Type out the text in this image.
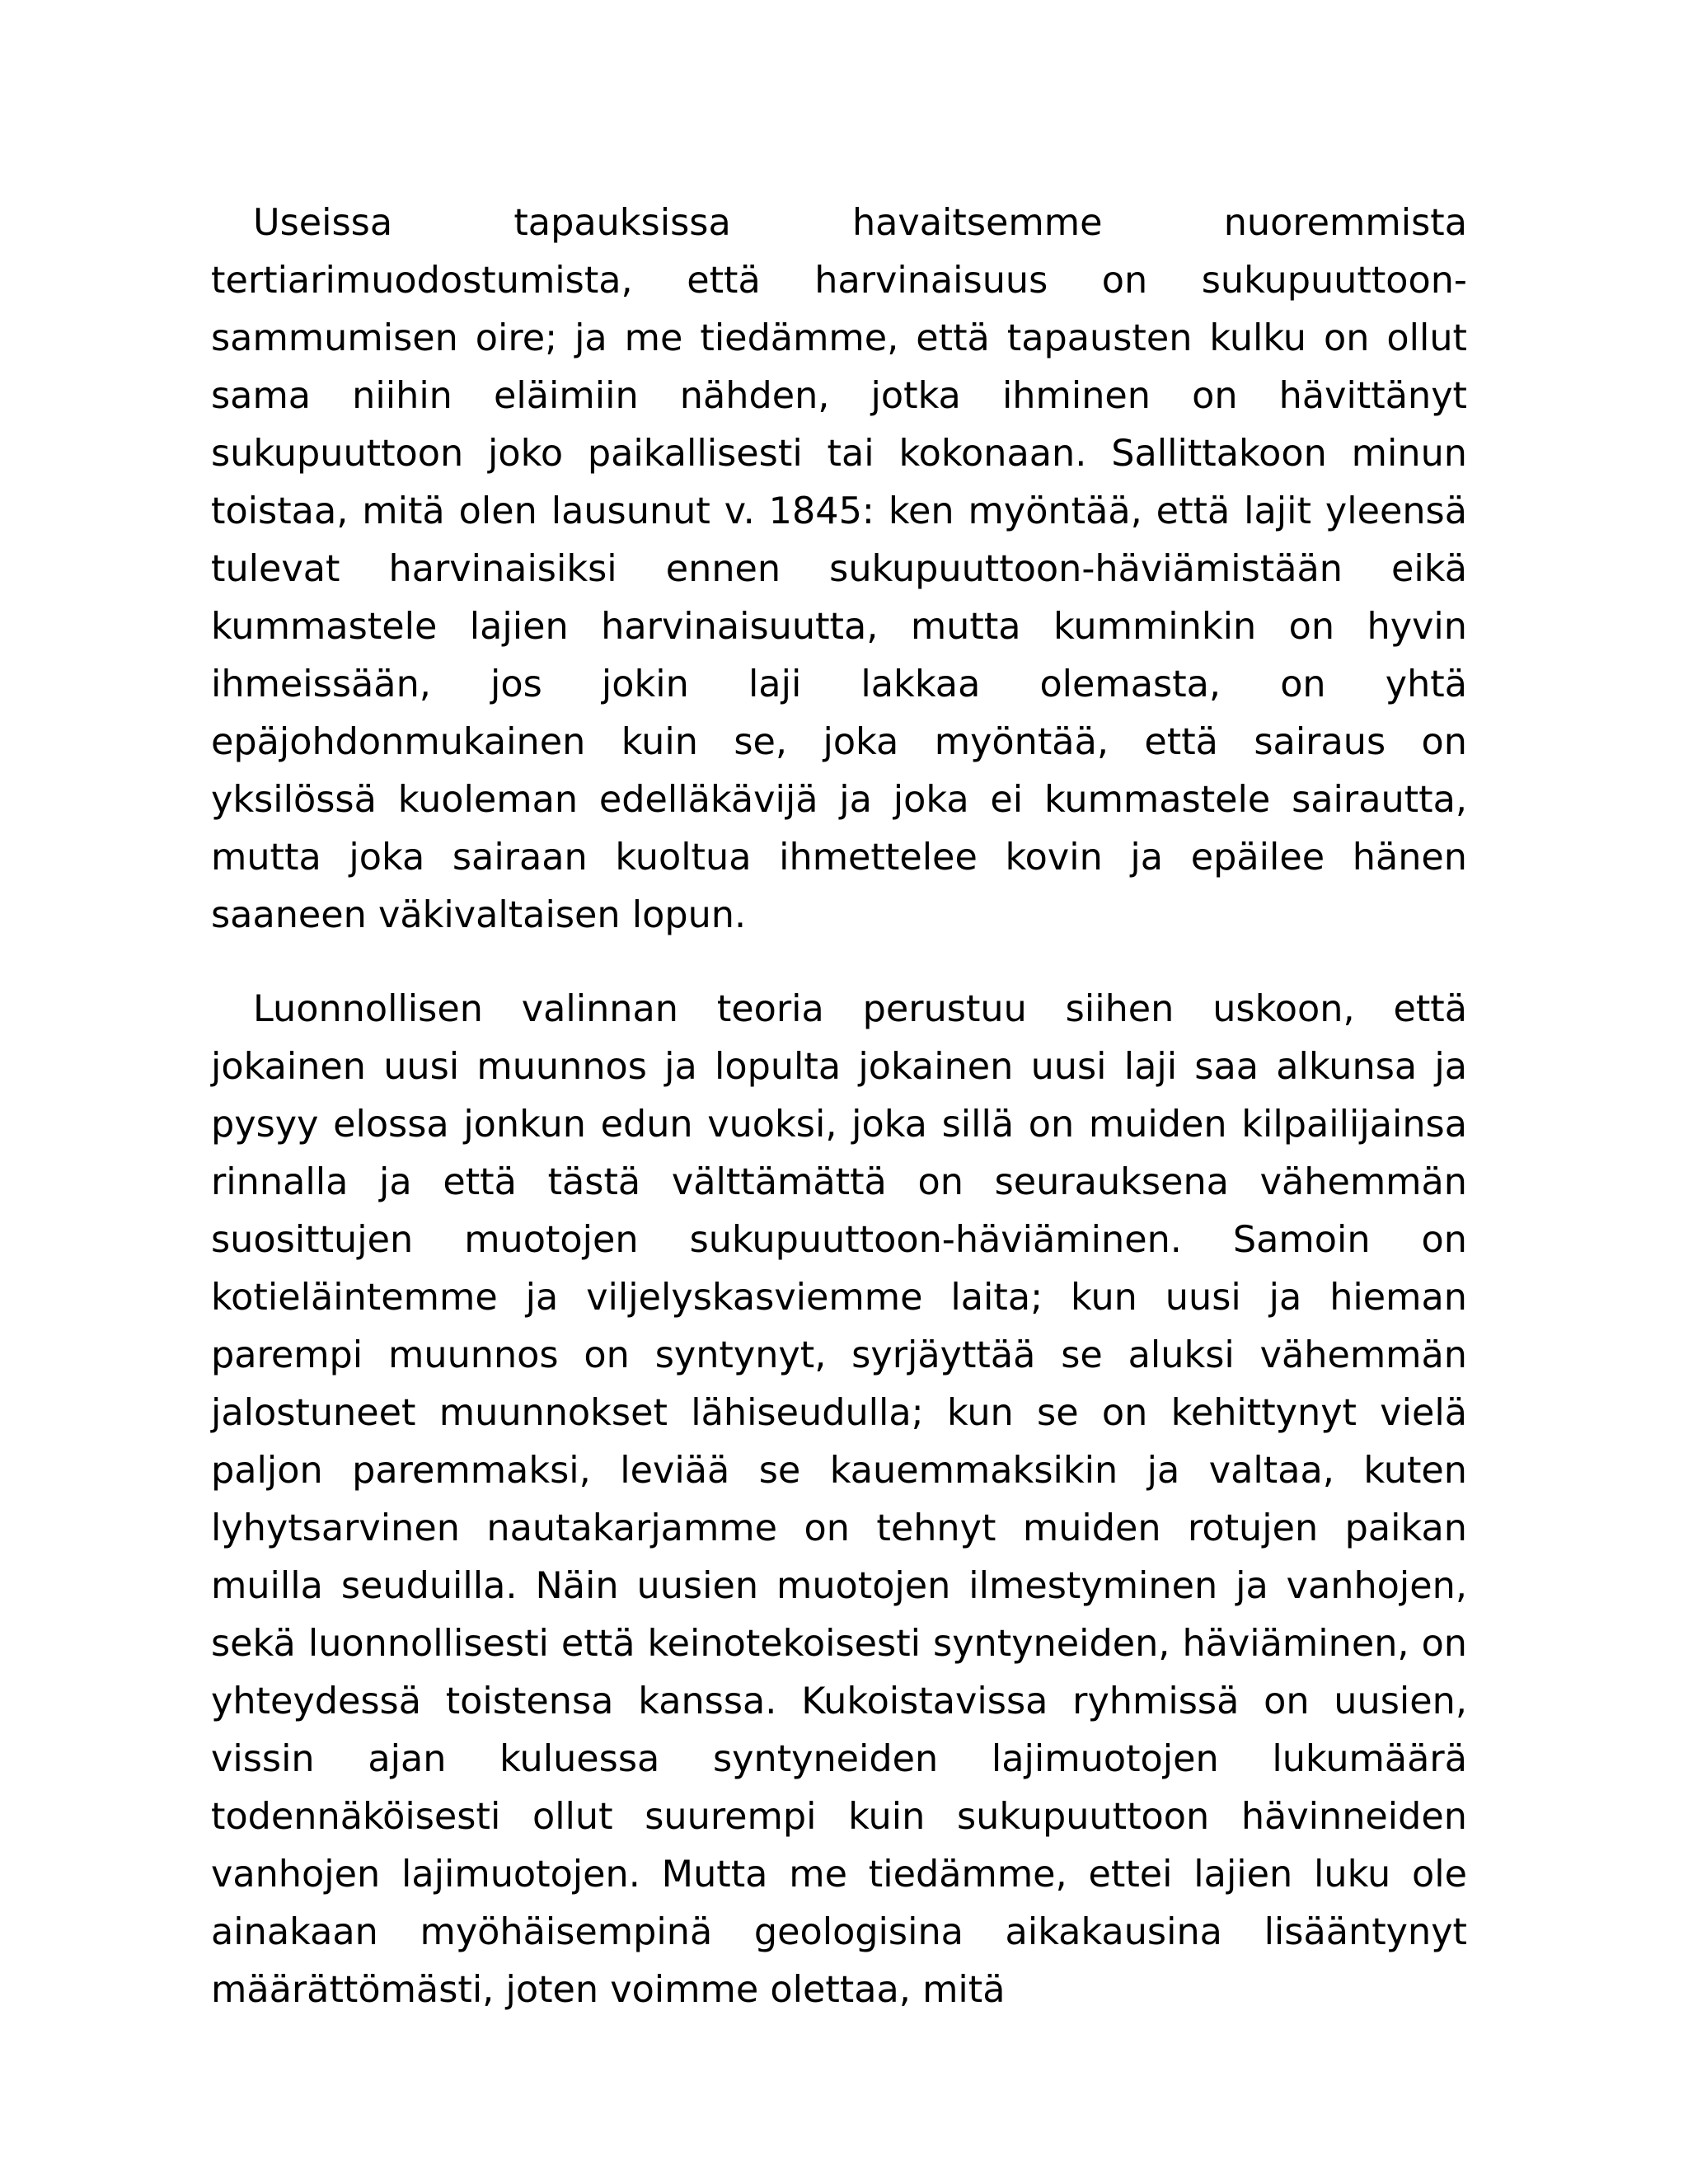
Useissa tapauksissa havaitsemme nuoremmista tertiarimuodostumista, että harvinaisuus on sukupuuttoon-sammumisen oire; ja me tiedämme, että tapausten kulku on ollut sama niihin eläimiin nähden, jotka ihminen on hävittänyt sukupuuttoon joko paikallisesti tai kokonaan. Sallittakoon minun toistaa, mitä olen lausunut v. 1845: ken myöntää, että lajit yleensä tulevat harvinaisiksi ennen sukupuuttoon-häviämistään eikä kummastele lajien harvinaisuutta, mutta kumminkin on hyvin ihmeissään, jos jokin laji lakkaa olemasta, on yhtä epäjohdonmukainen kuin se, joka myöntää, että sairaus on yksilössä kuoleman edelläkävijä ja joka ei kummastele sairautta, mutta joka sairaan kuoltua ihmettelee kovin ja epäilee hänen saaneen väkivaltaisen lopun.

Luonnollisen valinnan teoria perustuu siihen uskoon, että jokainen uusi muunnos ja lopulta jokainen uusi laji saa alkunsa ja pysyy elossa jonkun edun vuoksi, joka sillä on muiden kilpailijainsa rinnalla ja että tästä välttämättä on seurauksena vähemmän suosittujen muotojen sukupuuttoon-häviäminen. Samoin on kotieläintemme ja viljelyskasviemme laita; kun uusi ja hieman parempi muunnos on syntynyt, syrjäyttää se aluksi vähemmän jalostuneet muunnokset lähiseudulla; kun se on kehittynyt vielä paljon paremmaksi, leviää se kauemmaksikin ja valtaa, kuten lyhytsarvinen nautakarjamme on tehnyt muiden rotujen paikan muilla seuduilla. Näin uusien muotojen ilmestyminen ja vanhojen, sekä luonnollisesti että keinotekoisesti syntyneiden, häviäminen, on yhteydessä toistensa kanssa. Kukoistavissa ryhmissä on uusien, vissin ajan kuluessa syntyneiden lajimuotojen lukumäärä todennäköisesti ollut suurempi kuin sukupuuttoon hävinneiden vanhojen lajimuotojen. Mutta me tiedämme, ettei lajien luku ole ainakaan myöhäisempinä geologisina aikakausina lisääntynyt määrättömästi, joten voimme olettaa, mitä
